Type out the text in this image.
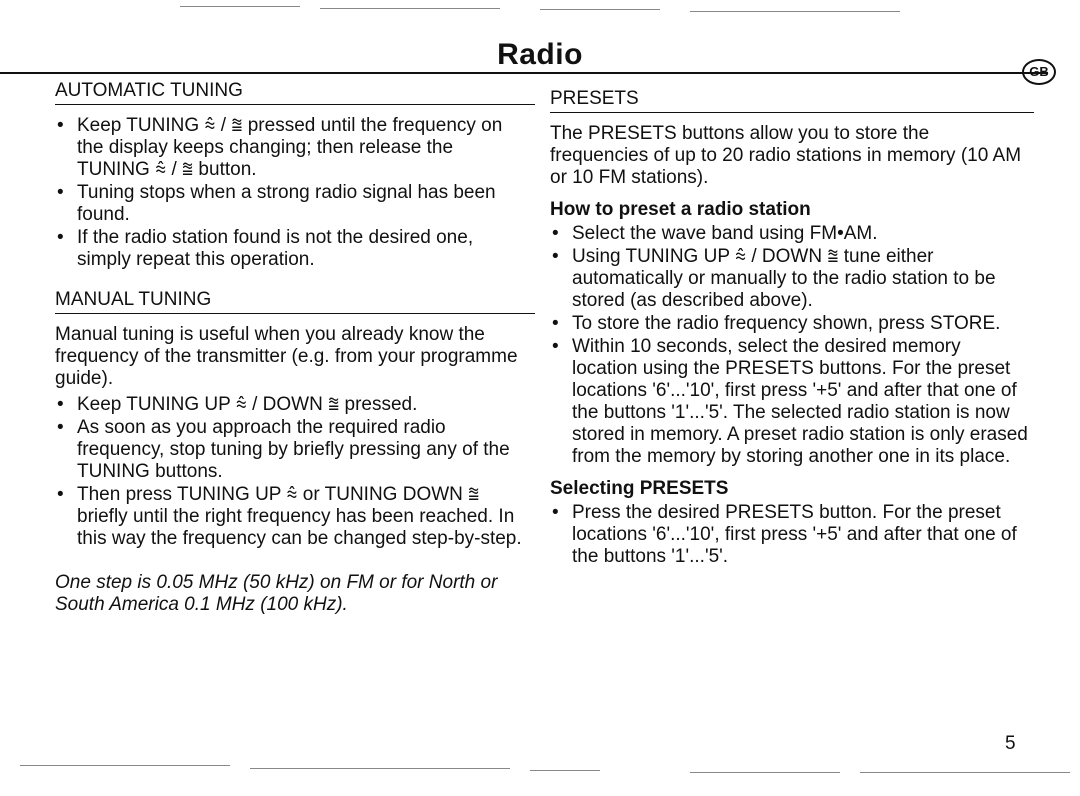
Radio
GB
AUTOMATIC TUNING
• Keep TUNING ⩯ / ⩰ pressed until the frequency on the display keeps changing; then release the TUNING ⩯ / ⩰ button.
• Tuning stops when a strong radio signal has been found.
• If the radio station found is not the desired one, simply repeat this operation.
MANUAL TUNING
Manual tuning is useful when you already know the frequency of the transmitter (e.g. from your programme guide).
• Keep TUNING UP ⩯ / DOWN ⩰ pressed.
• As soon as you approach the required radio frequency, stop tuning by briefly pressing any of the TUNING buttons.
• Then press TUNING UP ⩯ or TUNING DOWN ⩰ briefly until the right frequency has been reached. In this way the frequency can be changed step-by-step.
One step is 0.05 MHz (50 kHz) on FM or for North or South America 0.1 MHz (100 kHz).
PRESETS
The PRESETS buttons allow you to store the frequencies of up to 20 radio stations in memory (10 AM or 10 FM stations).
How to preset a radio station
• Select the wave band using FM•AM.
• Using TUNING UP ⩯ / DOWN ⩰ tune either automatically or manually to the radio station to be stored (as described above).
• To store the radio frequency shown, press STORE.
• Within 10 seconds, select the desired memory location using the PRESETS buttons. For the preset locations '6'...'10', first press '+5' and after that one of the buttons '1'...'5'. The selected radio station is now stored in memory. A preset radio station is only erased from the memory by storing another one in its place.
Selecting PRESETS
• Press the desired PRESETS button. For the preset locations '6'...'10', first press '+5' and after that one of the buttons '1'...'5'.
5
